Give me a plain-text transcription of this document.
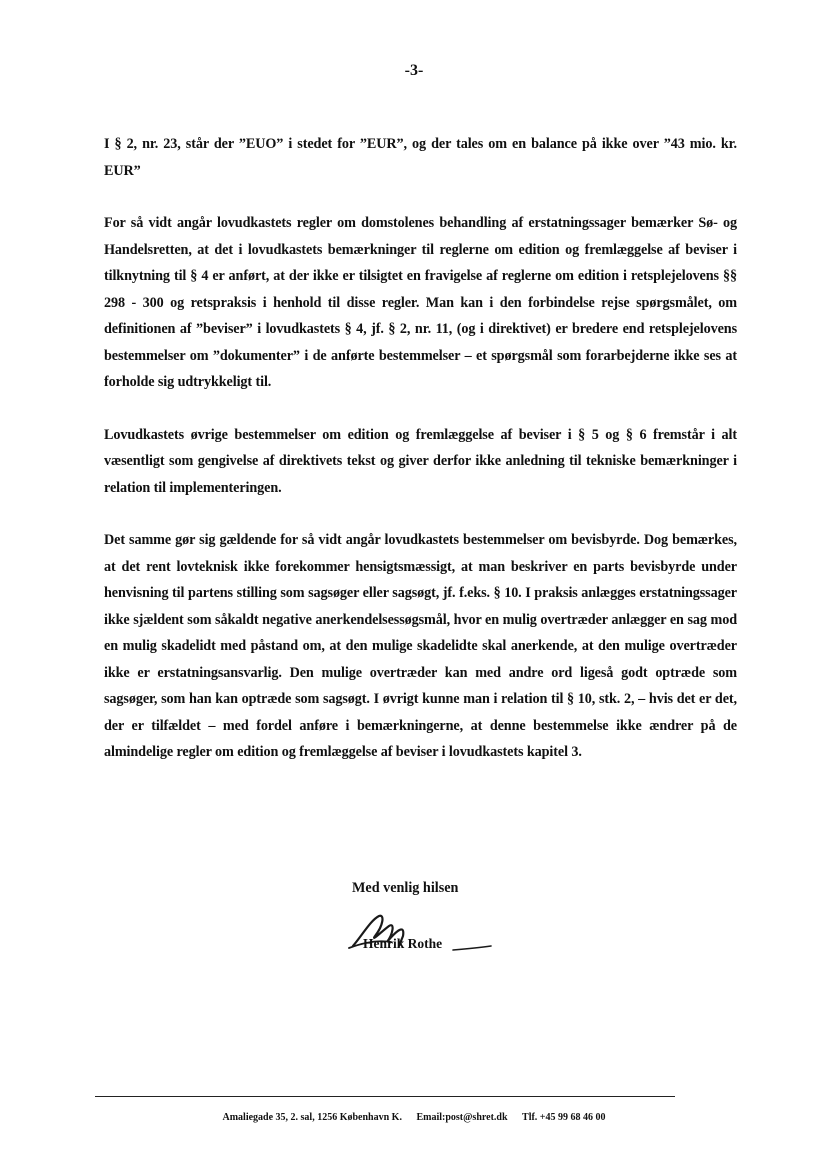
-3-

I § 2, nr. 23, står der ”EUO” i stedet for ”EUR”, og der tales om en balance på ikke over ”43 mio. kr. EUR”

For så vidt angår lovudkastets regler om domstolenes behandling af erstatningssager bemærker Sø- og Handelsretten, at det i lovudkastets bemærkninger til reglerne om edition og fremlæggelse af beviser i tilknytning til § 4 er anført, at der ikke er tilsigtet en fravigelse af reglerne om edition i retsplejelovens §§ 298 - 300 og retspraksis i henhold til disse regler. Man kan i den forbindelse rejse spørgsmålet, om definitionen af ”beviser” i lovudkastets § 4, jf. § 2, nr. 11, (og i direktivet) er bredere end retsplejelovens bestemmelser om ”dokumenter” i de anførte bestemmelser – et spørgsmål som forarbejderne ikke ses at forholde sig udtrykkeligt til.

Lovudkastets øvrige bestemmelser om edition og fremlæggelse af beviser i § 5 og § 6 fremstår i alt væsentligt som gengivelse af direktivets tekst og giver derfor ikke anledning til tekniske bemærkninger i relation til implementeringen.

Det samme gør sig gældende for så vidt angår lovudkastets bestemmelser om bevisbyrde. Dog bemærkes, at det rent lovteknisk ikke forekommer hensigtsmæssigt, at man beskriver en parts bevisbyrde under henvisning til partens stilling som sagsøger eller sagsøgt, jf. f.eks. § 10. I praksis anlægges erstatningssager ikke sjældent som såkaldt negative anerkendelsessøgsmål, hvor en mulig overtræder anlægger en sag mod en mulig skadelidt med påstand om, at den mulige skadelidte skal anerkende, at den mulige overtræder ikke er erstatningsansvarlig. Den mulige overtræder kan med andre ord ligeså godt optræde som sagsøger, som han kan optræde som sagsøgt. I øvrigt kunne man i relation til § 10, stk. 2, – hvis det er det, der er tilfældet – med fordel anføre i bemærkningerne, at denne bestemmelse ikke ændrer på de almindelige regler om edition og fremlæggelse af beviser i lovudkastets kapitel 3.

Med venlig hilsen

Henrik Rothe

Amaliegade 35, 2. sal, 1256 København K. Email:post@shret.dk Tlf. +45 99 68 46 00
